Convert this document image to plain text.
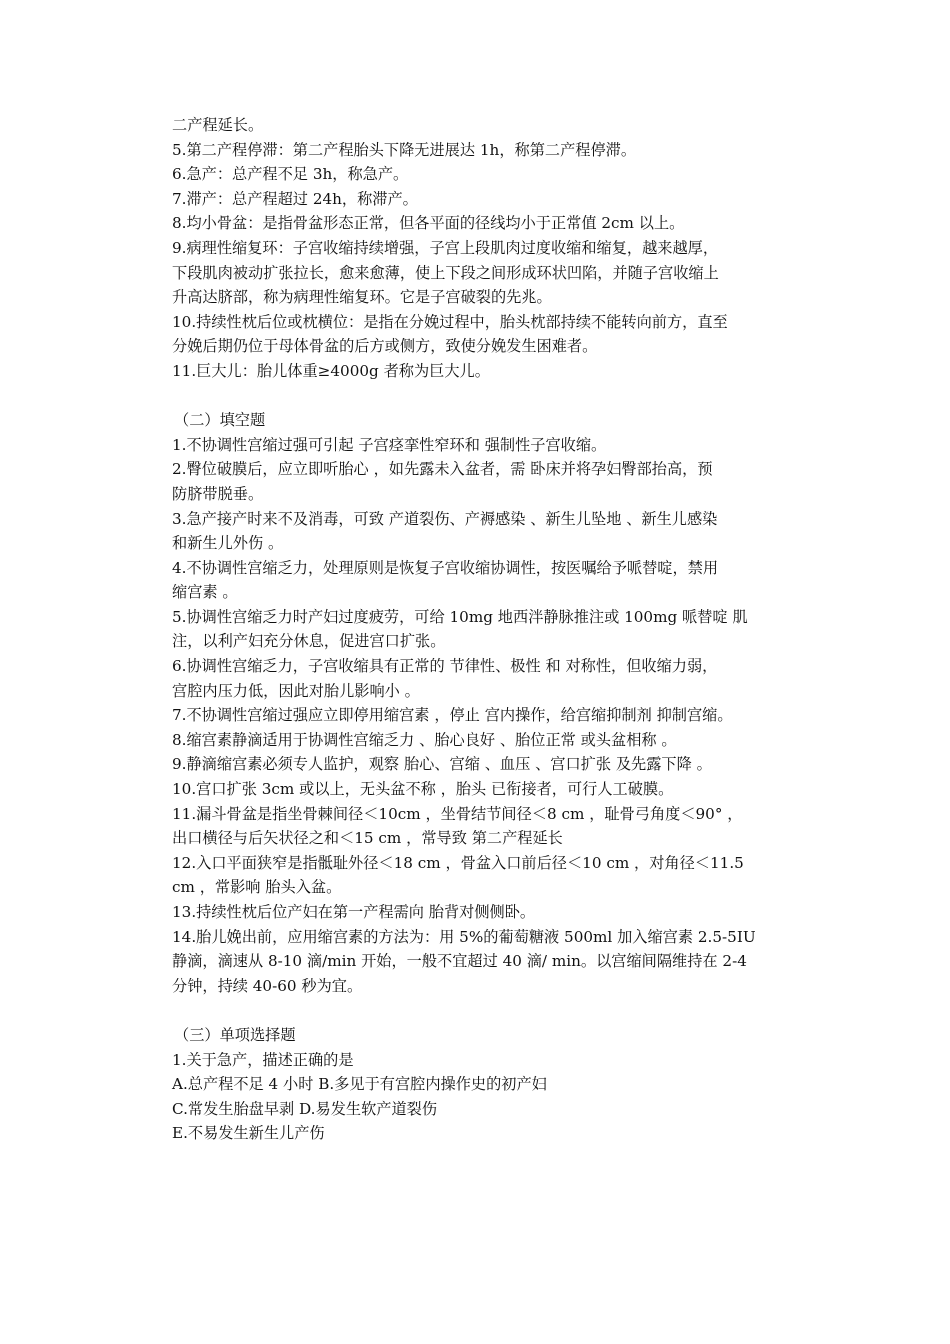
二产程延长。
5.第二产程停滞：第二产程胎头下降无进展达 1h，称第二产程停滞。
6.急产：总产程不足 3h，称急产。
7.滞产：总产程超过 24h，称滞产。
8.均小骨盆：是指骨盆形态正常，但各平面的径线均小于正常值 2cm 以上。
9.病理性缩复环：子宫收缩持续增强，子宫上段肌肉过度收缩和缩复，越来越厚，
下段肌肉被动扩张拉长，愈来愈薄，使上下段之间形成环状凹陷，并随子宫收缩上
升高达脐部，称为病理性缩复环。它是子宫破裂的先兆。
10.持续性枕后位或枕横位：是指在分娩过程中，胎头枕部持续不能转向前方，直至
分娩后期仍位于母体骨盆的后方或侧方，致使分娩发生困难者。
11.巨大儿：胎儿体重≥4000g 者称为巨大儿。
（二）填空题
1.不协调性宫缩过强可引起 子宫痉挛性窄环和 强制性子宫收缩。
2.臀位破膜后，应立即听胎心 ，如先露未入盆者，需 卧床并将孕妇臀部抬高，预
防脐带脱垂。
3.急产接产时来不及消毒，可致 产道裂伤、产褥感染 、新生儿坠地 、新生儿感染
和新生儿外伤 。
4.不协调性宫缩乏力，处理原则是恢复子宫收缩协调性，按医嘱给予哌替啶，禁用
缩宫素 。
5.协调性宫缩乏力时产妇过度疲劳，可给 10mg 地西泮静脉推注或 100mg 哌替啶 肌
注，以利产妇充分休息，促进宫口扩张。
6.协调性宫缩乏力，子宫收缩具有正常的 节律性、极性 和 对称性，但收缩力弱，
宫腔内压力低，因此对胎儿影响小 。
7.不协调性宫缩过强应立即停用缩宫素 ，停止 宫内操作，给宫缩抑制剂 抑制宫缩。
8.缩宫素静滴适用于协调性宫缩乏力 、胎心良好 、胎位正常 或头盆相称 。
9.静滴缩宫素必须专人监护，观察 胎心、宫缩 、血压 、宫口扩张 及先露下降 。
10.宫口扩张 3cm 或以上，无头盆不称 ，胎头 已衔接者，可行人工破膜。
11.漏斗骨盆是指坐骨棘间径＜10cm ，坐骨结节间径＜8 cm ，耻骨弓角度＜90° ，
出口横径与后矢状径之和＜15 cm ，常导致 第二产程延长
12.入口平面狭窄是指骶耻外径＜18 cm ，骨盆入口前后径＜10 cm ，对角径＜11.5
cm ，常影响 胎头入盆。
13.持续性枕后位产妇在第一产程需向 胎背对侧侧卧。
14.胎儿娩出前，应用缩宫素的方法为：用 5%的葡萄糖液 500ml 加入缩宫素 2.5-5IU
静滴，滴速从 8-10 滴/min 开始，一般不宜超过 40 滴/ min。以宫缩间隔维持在 2-4
分钟，持续 40-60 秒为宜。
（三）单项选择题
1.关于急产，描述正确的是
A.总产程不足 4 小时 B.多见于有宫腔内操作史的初产妇
C.常发生胎盘早剥 D.易发生软产道裂伤
E.不易发生新生儿产伤
